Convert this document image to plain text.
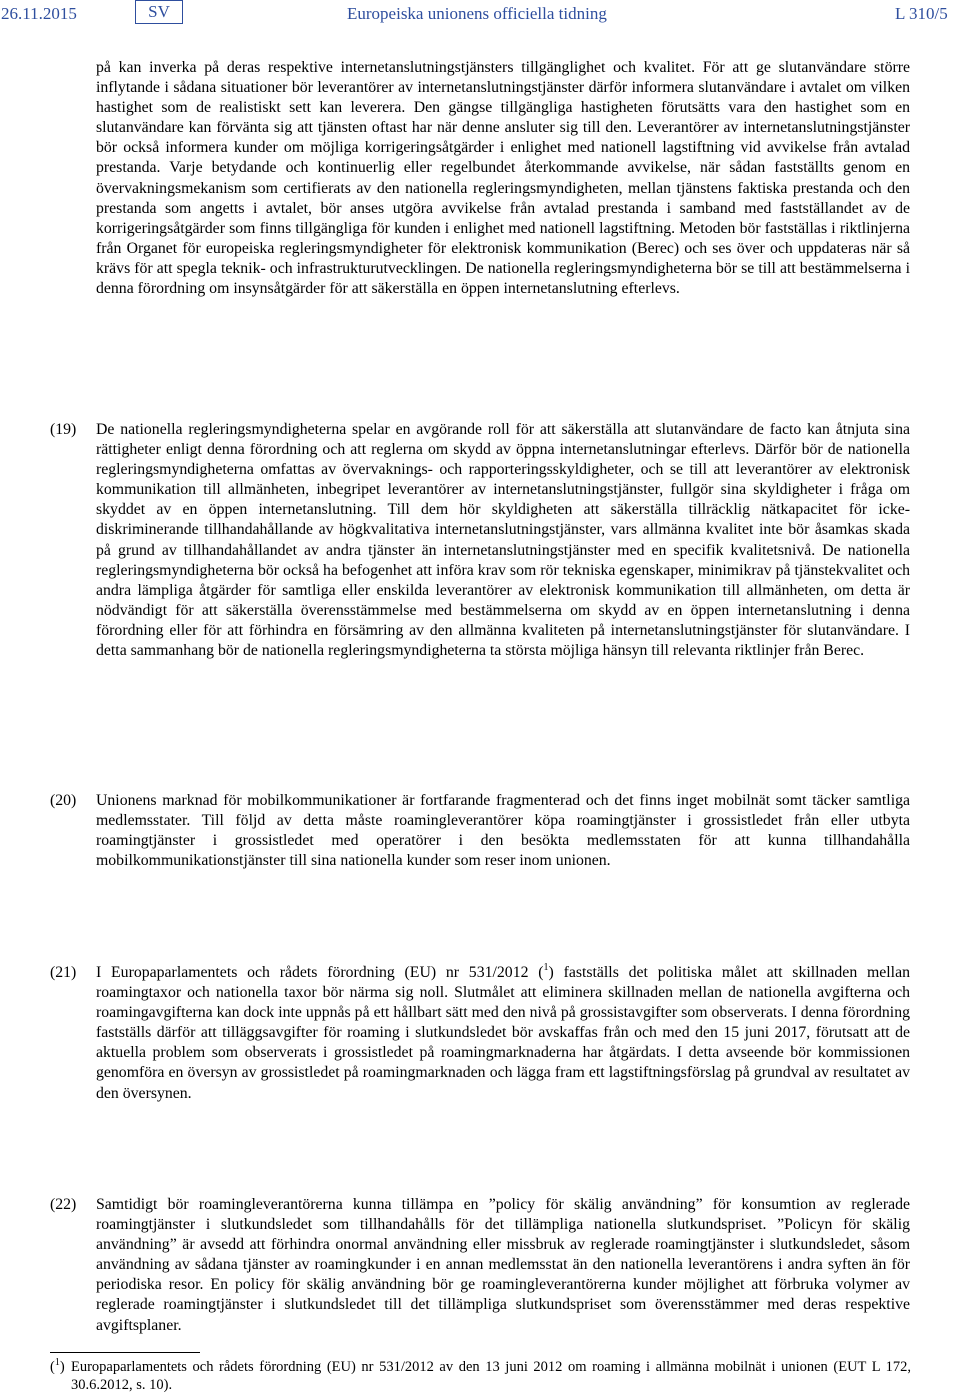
26.11.2015	SV	Europeiska unionens officiella tidning	L 310/5
på kan inverka på deras respektive internetanslutningstjänsters tillgänglighet och kvalitet. För att ge slutanvändare större inflytande i sådana situationer bör leverantörer av internetanslutningstjänster därför informera slutanvändare i avtalet om vilken hastighet som de realistiskt sett kan leverera. Den gängse tillgängliga hastigheten förutsätts vara den hastighet som en slutanvändare kan förvänta sig att tjänsten oftast har när denne ansluter sig till den. Leverantörer av internetanslutningstjänster bör också informera kunder om möjliga korrigeringsåtgärder i enlighet med nationell lagstiftning vid avvikelse från avtalad prestanda. Varje betydande och kontinuerlig eller regelbundet återkommande avvikelse, när sådan fastställts genom en övervakningsmekanism som certifierats av den nationella regleringsmyndigheten, mellan tjänstens faktiska prestanda och den prestanda som angetts i avtalet, bör anses utgöra avvikelse från avtalad prestanda i samband med fastställandet av de korrigeringsåtgärder som finns tillgängliga för kunden i enlighet med nationell lagstiftning. Metoden bör fastställas i riktlinjerna från Organet för europeiska regleringsmyndigheter för elektronisk kommunikation (Berec) och ses över och uppdateras när så krävs för att spegla teknik- och infrastrukturutvecklingen. De nationella regleringsmyndigheterna bör se till att bestämmelserna i denna förordning om insynsåtgärder för att säkerställa en öppen internetanslutning efterlevs.
(19) De nationella regleringsmyndigheterna spelar en avgörande roll för att säkerställa att slutanvändare de facto kan åtnjuta sina rättigheter enligt denna förordning och att reglerna om skydd av öppna internetanslutningar efterlevs. Därför bör de nationella regleringsmyndigheterna omfattas av övervaknings- och rapporteringsskyldigheter, och se till att leverantörer av elektronisk kommunikation till allmänheten, inbegripet leverantörer av internetanslutningstjänster, fullgör sina skyldigheter i fråga om skyddet av en öppen internetanslutning. Till dem hör skyldigheten att säkerställa tillräcklig nätkapacitet för icke-diskriminerande tillhandahållande av högkvalitativa internetanslutningstjänster, vars allmänna kvalitet inte bör åsamkas skada på grund av tillhandahållandet av andra tjänster än internetanslutningstjänster med en specifik kvalitetsnivå. De nationella regleringsmyndigheterna bör också ha befogenhet att införa krav som rör tekniska egenskaper, minimikrav på tjänstekvalitet och andra lämpliga åtgärder för samtliga eller enskilda leverantörer av elektronisk kommunikation till allmänheten, om detta är nödvändigt för att säkerställa överensstämmelse med bestämmelserna om skydd av en öppen internetanslutning i denna förordning eller för att förhindra en försämring av den allmänna kvaliteten på internetanslutningstjänster för slutanvändare. I detta sammanhang bör de nationella regleringsmyndigheterna ta största möjliga hänsyn till relevanta riktlinjer från Berec.
(20) Unionens marknad för mobilkommunikationer är fortfarande fragmenterad och det finns inget mobilnät somt täcker samtliga medlemsstater. Till följd av detta måste roamingleverantörer köpa roamingtjänster i grossistledet från eller utbyta roamingtjänster i grossistledet med operatörer i den besökta medlemsstaten för att kunna tillhandahålla mobilkommunikationstjänster till sina nationella kunder som reser inom unionen.
(21) I Europaparlamentets och rådets förordning (EU) nr 531/2012 ($^1$) fastställs det politiska målet att skillnaden mellan roamingtaxor och nationella taxor bör närma sig noll. Slutmålet att eliminera skillnaden mellan de nationella avgifterna och roamingavgifterna kan dock inte uppnås på ett hållbart sätt med den nivå på grossistavgifter som observerats. I denna förordning fastställs därför att tilläggsavgifter för roaming i slutkundsledet bör avskaffas från och med den 15 juni 2017, förutsatt att de aktuella problem som observerats i grossistledet på roamingmarknaderna har åtgärdats. I detta avseende bör kommissionen genomföra en översyn av grossistledet på roamingmarknaden och lägga fram ett lagstiftningsförslag på grundval av resultatet av den översynen.
(22) Samtidigt bör roamingleverantörerna kunna tillämpa en ”policy för skälig användning” för konsumtion av reglerade roamingtjänster i slutkundsledet som tillhandahålls för det tillämpliga nationella slutkundspriset. ”Policyn för skälig användning” är avsedd att förhindra onormal användning eller missbruk av reglerade roamingtjänster i slutkundsledet, såsom användning av sådana tjänster av roamingkunder i en annan medlemsstat än den nationella leverantörens i andra syften än för periodiska resor. En policy för skälig användning bör ge roamingleverantörerna kunder möjlighet att förbruka volymer av reglerade roamingtjänster i slutkundsledet till det tillämpliga slutkundspriset som överensstämmer med deras respektive avgiftsplaner.
($^1$) Europaparlamentets och rådets förordning (EU) nr 531/2012 av den 13 juni 2012 om roaming i allmänna mobilnät i unionen (EUT L 172, 30.6.2012, s. 10).
